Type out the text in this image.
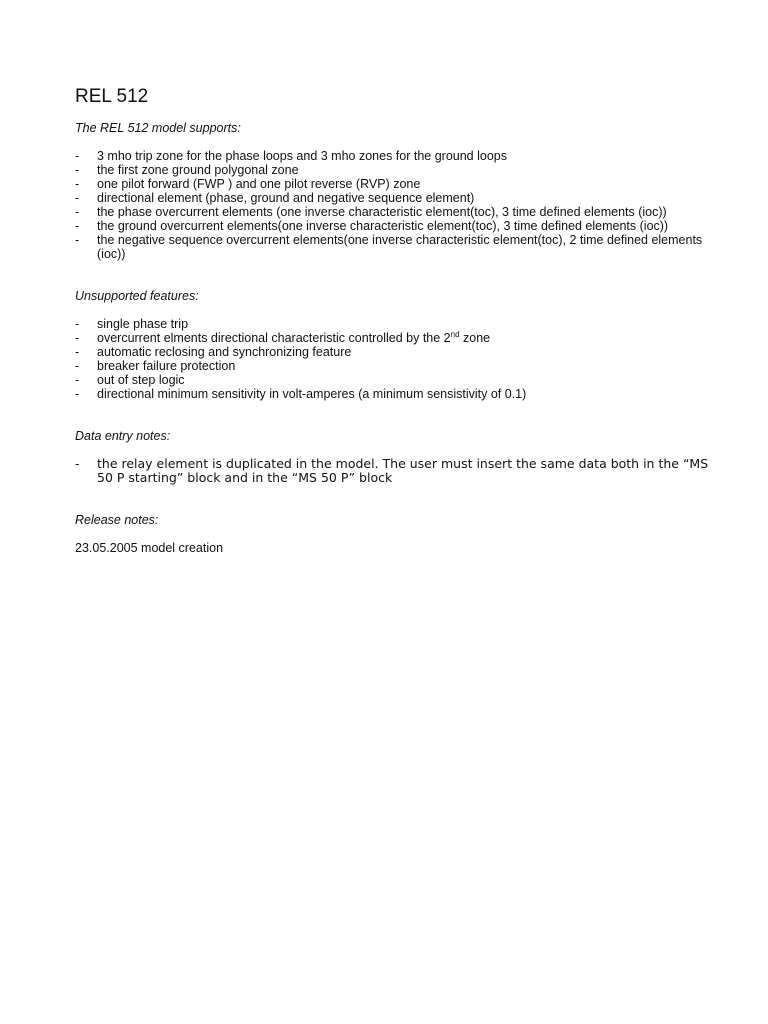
REL 512

The REL 512 model supports:

- 3 mho trip zone for the phase loops and 3 mho zones for the ground loops
- the first zone ground polygonal zone
- one pilot forward (FWP ) and one pilot reverse (RVP) zone
- directional element (phase, ground and negative sequence element)
- the phase overcurrent elements (one inverse characteristic element(toc), 3 time defined elements (ioc))
- the ground overcurrent elements(one inverse characteristic element(toc), 3 time defined elements (ioc))
- the negative sequence overcurrent elements(one inverse characteristic element(toc), 2 time defined elements (ioc))

Unsupported features:

- single phase trip
- overcurrent elments directional characteristic controlled by the 2nd zone
- automatic reclosing and synchronizing feature
- breaker failure protection
- out of step logic
- directional minimum sensitivity in volt-amperes (a minimum sensistivity of 0.1)

Data entry notes:

- the relay element is duplicated in the model. The user must insert the same data both in the “MS 50 P starting” block and in the “MS 50 P” block

Release notes:

23.05.2005 model creation
